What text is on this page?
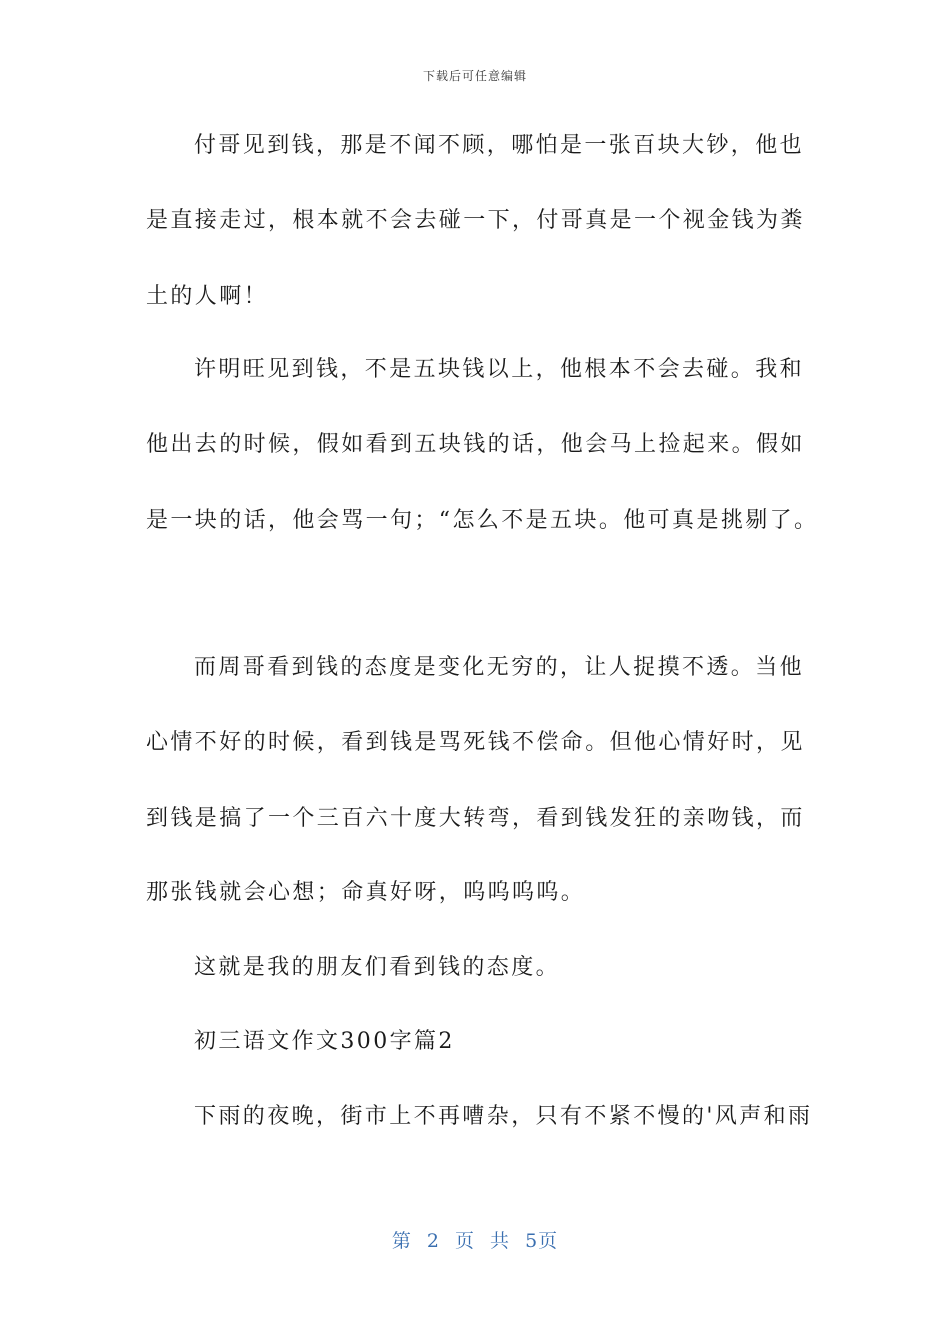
下载后可任意编辑
付哥见到钱，那是不闻不顾，哪怕是一张百块大钞，他也
是直接走过，根本就不会去碰一下，付哥真是一个视金钱为粪
土的人啊！
许明旺见到钱，不是五块钱以上，他根本不会去碰。我和
他出去的时候，假如看到五块钱的话，他会马上捡起来。假如
是一块的话，他会骂一句；“怎么不是五块。他可真是挑剔了。
而周哥看到钱的态度是变化无穷的，让人捉摸不透。当他
心情不好的时候，看到钱是骂死钱不偿命。但他心情好时，见
到钱是搞了一个三百六十度大转弯，看到钱发狂的亲吻钱，而
那张钱就会心想；命真好呀，呜呜呜呜。
这就是我的朋友们看到钱的态度。
初三语文作文300字篇2
下雨的夜晚，街市上不再嘈杂，只有不紧不慢的'风声和雨
第 2 页 共 5页
